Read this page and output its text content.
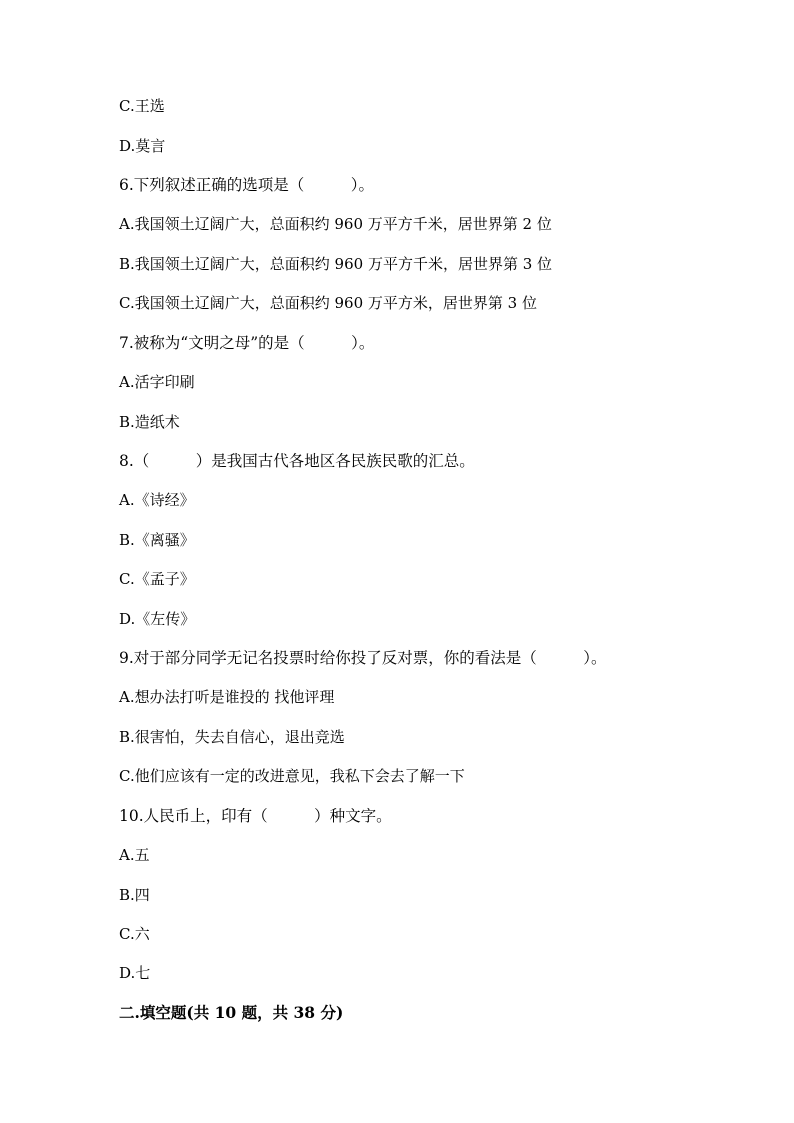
C.王选
D.莫言
6.下列叙述正确的选项是（　　　）。
A.我国领土辽阔广大，总面积约 960 万平方千米，居世界第 2 位
B.我国领土辽阔广大，总面积约 960 万平方千米，居世界第 3 位
C.我国领土辽阔广大，总面积约 960 万平方米，居世界第 3 位
7.被称为“文明之母”的是（　　　）。
A.活字印刷
B.造纸术
8.（　　　）是我国古代各地区各民族民歌的汇总。
A.《诗经》
B.《离骚》
C.《孟子》
D.《左传》
9.对于部分同学无记名投票时给你投了反对票，你的看法是（　　　）。
A.想办法打听是谁投的 找他评理
B.很害怕，失去自信心，退出竞选
C.他们应该有一定的改进意见，我私下会去了解一下
10.人民币上，印有（　　　）种文字。
A.五
B.四
C.六
D.七
二.填空题(共 10 题，共 38 分)
